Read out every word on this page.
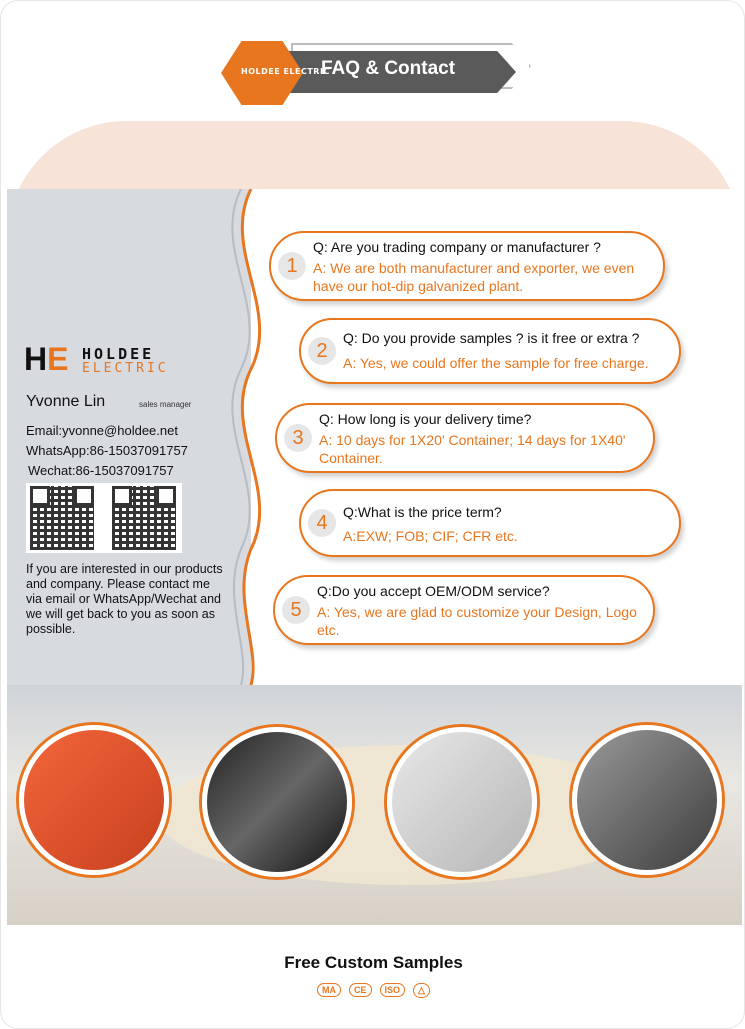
HOLDEE ELECTRIC
FAQ & Contact
HE HOLDEE
ELECTRIC
Yvonne Lin	sales manager
Email:yvonne@holdee.net
WhatsApp:86-15037091757
Wechat:86-15037091757
If you are interested in our products and company. Please contact me via email or WhatsApp/Wechat and we will get back to you as soon as possible.
1
Q: Are you trading company or manufacturer ?
A: We are both manufacturer and exporter, we even have our hot-dip galvanized plant.
2
Q: Do you provide samples ? is it free or extra ?
A: Yes, we could offer the sample for free charge.
3
Q: How long is your delivery time?
A: 10 days for 1X20' Container; 14 days for 1X40' Container.
4	Q:What is the price term?
A:EXW; FOB; CIF; CFR etc.
5
Q:Do you accept OEM/ODM service?
A: Yes, we are glad to customize your Design, Logo etc.
Free Custom Samples
MA	CE	ISO	△
